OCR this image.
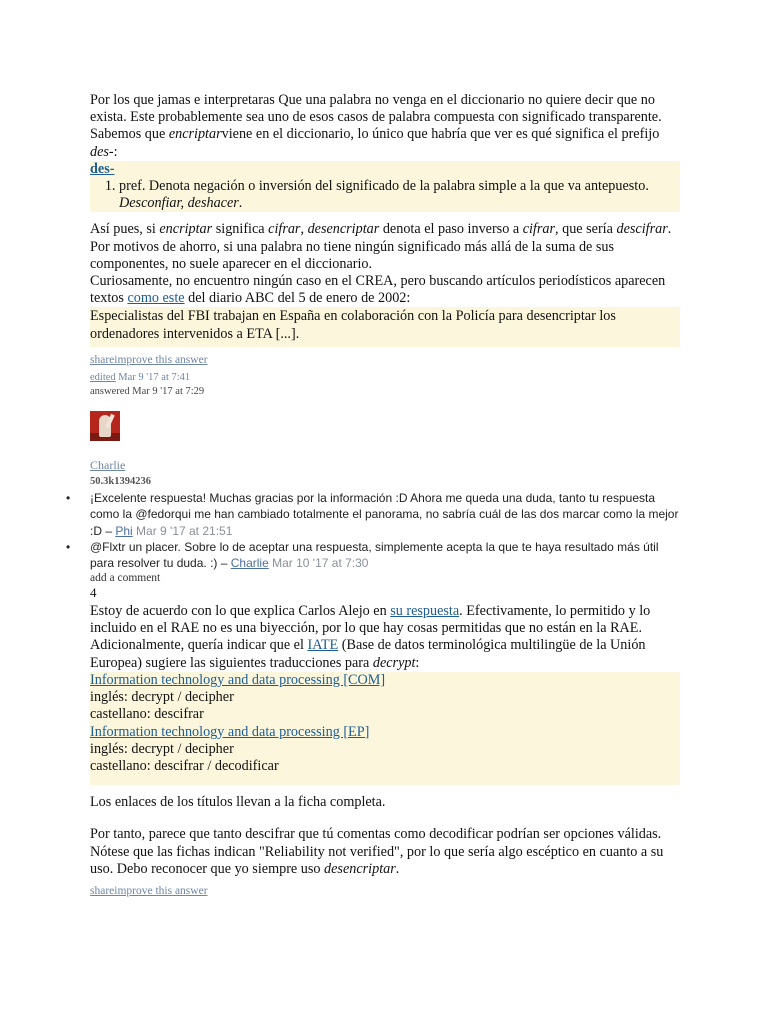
Por los que jamas e interpretaras Que una palabra no venga en el diccionario no quiere decir que no exista. Este probablemente sea uno de esos casos de palabra compuesta con significado transparente. Sabemos que encriptarviene en el diccionario, lo único que habría que ver es qué significa el prefijo des-:

des-
1. pref. Denota negación o inversión del significado de la palabra simple a la que va antepuesto. Desconfiar, deshacer.

Así pues, si encriptar significa cifrar, desencriptar denota el paso inverso a cifrar, que sería descifrar. Por motivos de ahorro, si una palabra no tiene ningún significado más allá de la suma de sus componentes, no suele aparecer en el diccionario.

Curiosamente, no encuentro ningún caso en el CREA, pero buscando artículos periodísticos aparecen textos como este del diario ABC del 5 de enero de 2002:

Especialistas del FBI trabajan en España en colaboración con la Policía para desencriptar los ordenadores intervenidos a ETA [...].
shareimprove this answer
edited Mar 9 '17 at 7:41
answered Mar 9 '17 at 7:29
Charlie
50.3k1394236
• ¡Excelente respuesta! Muchas gracias por la información :D Ahora me queda una duda, tanto tu respuesta como la @fedorqui me han cambiado totalmente el panorama, no sabría cuál de las dos marcar como la mejor :D – Phi Mar 9 '17 at 21:51
• @Flxtr un placer. Sobre lo de aceptar una respuesta, simplemente acepta la que te haya resultado más útil para resolver tu duda. :) – Charlie Mar 10 '17 at 7:30
add a comment
4

Estoy de acuerdo con lo que explica Carlos Alejo en su respuesta. Efectivamente, lo permitido y lo incluido en el RAE no es una biyección, por lo que hay cosas permitidas que no están en la RAE.

Adicionalmente, quería indicar que el IATE (Base de datos terminológica multilingüe de la Unión Europea) sugiere las siguientes traducciones para decrypt:

Information technology and data processing [COM]
inglés: decrypt / decipher
castellano: descifrar
Information technology and data processing [EP]
inglés: decrypt / decipher
castellano: descifrar / decodificar

Los enlaces de los títulos llevan a la ficha completa.

Por tanto, parece que tanto descifrar que tú comentas como decodificar podrían ser opciones válidas. Nótese que las fichas indican "Reliability not verified", por lo que sería algo escéptico en cuanto a su uso. Debo reconocer que yo siempre uso desencriptar.

shareimprove this answer
